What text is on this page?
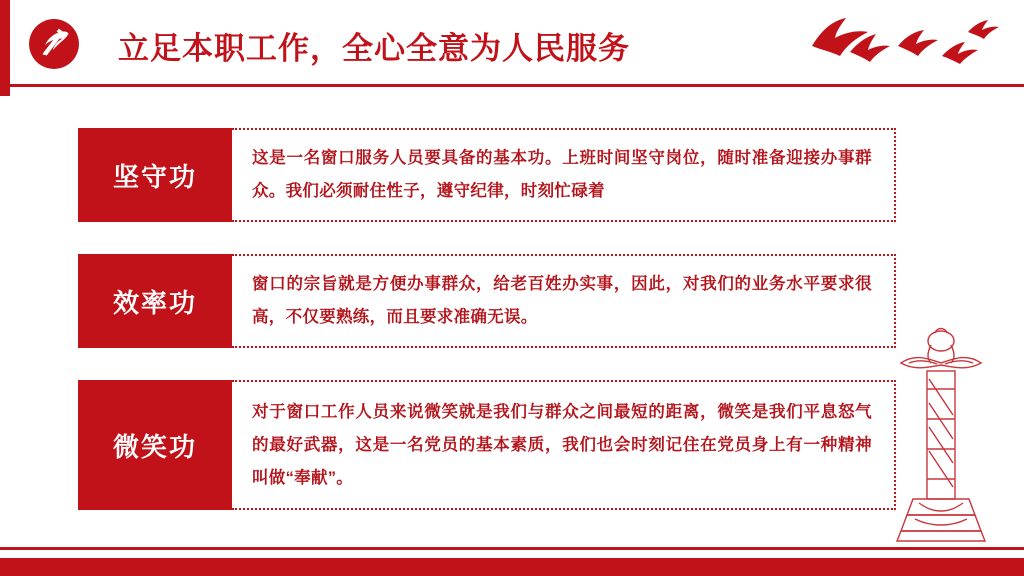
立足本职工作，全心全意为人民服务
坚守功
这是一名窗口服务人员要具备的基本功。上班时间坚守岗位，随时准备迎接办事群众。我们必须耐住性子，遵守纪律，时刻忙碌着
效率功
窗口的宗旨就是方便办事群众，给老百姓办实事，因此，对我们的业务水平要求很高，不仅要熟练，而且要求准确无误。
微笑功
对于窗口工作人员来说微笑就是我们与群众之间最短的距离，微笑是我们平息怒气的最好武器，这是一名党员的基本素质，我们也会时刻记住在党员身上有一种精神叫做“奉献”。
